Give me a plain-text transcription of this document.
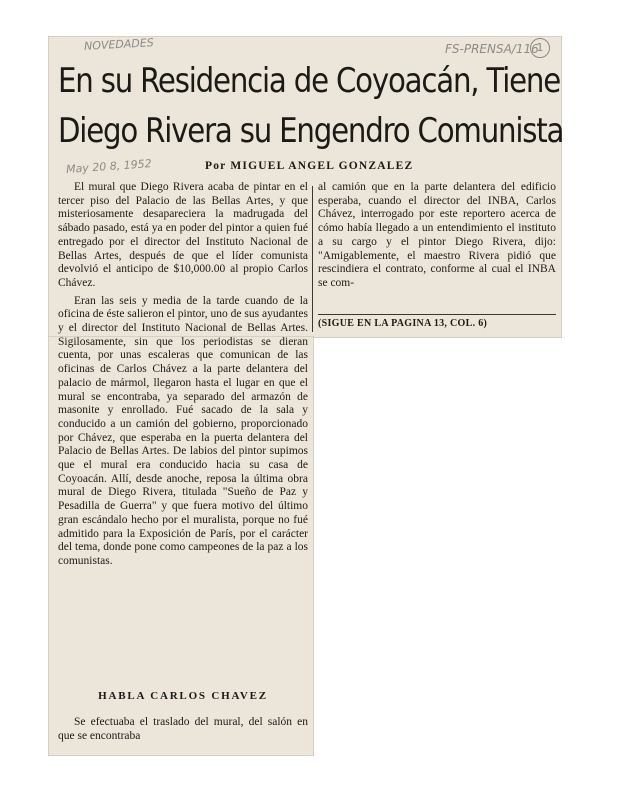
NOVEDADES	FS-PRENSA/116
1
May 20 8, 1952
En su Residencia de Coyoacán, Tiene
Diego Rivera su Engendro Comunista
Por MIGUEL ANGEL GONZALEZ

El mural que Diego Rivera acaba de pintar en el tercer piso del Palacio de las Bellas Artes, y que misteriosamente desapareciera la madrugada del sábado pasado, está ya en poder del pintor a quien fué entregado por el director del Instituto Nacional de Bellas Artes, después de que el líder comunista devolvió el anticipo de $10,000.00 al propio Carlos Chávez.

Eran las seis y media de la tarde cuando de la oficina de éste salieron el pintor, uno de sus ayudantes y el director del Instituto Nacional de Bellas Artes. Sigilosamente, sin que los periodistas se dieran cuenta, por unas escaleras que comunican de las oficinas de Carlos Chávez a la parte delantera del palacio de mármol, llegaron hasta el lugar en que el mural se encontraba, ya separado del armazón de masonite y enrollado. Fué sacado de la sala y conducido a un camión del gobierno, proporcionado por Chávez, que esperaba en la puerta delantera del Palacio de Bellas Artes. De labios del pintor supimos que el mural era conducido hacia su casa de Coyoacán. Allí, desde anoche, reposa la última obra mural de Diego Rivera, titulada "Sueño de Paz y Pesadilla de Guerra" y que fuera motivo del último gran escándalo hecho por el muralista, porque no fué admitido para la Exposición de París, por el carácter del tema, donde pone como campeones de la paz a los comunistas.

al camión que en la parte delantera del edificio esperaba, cuando el director del INBA, Carlos Chávez, interrogado por este reportero acerca de cómo había llegado a un entendimiento el instituto a su cargo y el pintor Diego Rivera, dijo: "Amigablemente, el maestro Rivera pidió que rescindiera el contrato, conforme al cual el INBA se com-

(SIGUE EN LA PAGINA 13, COL. 6)
HABLA CARLOS CHAVEZ

Se efectuaba el traslado del mural, del salón en que se encontraba
